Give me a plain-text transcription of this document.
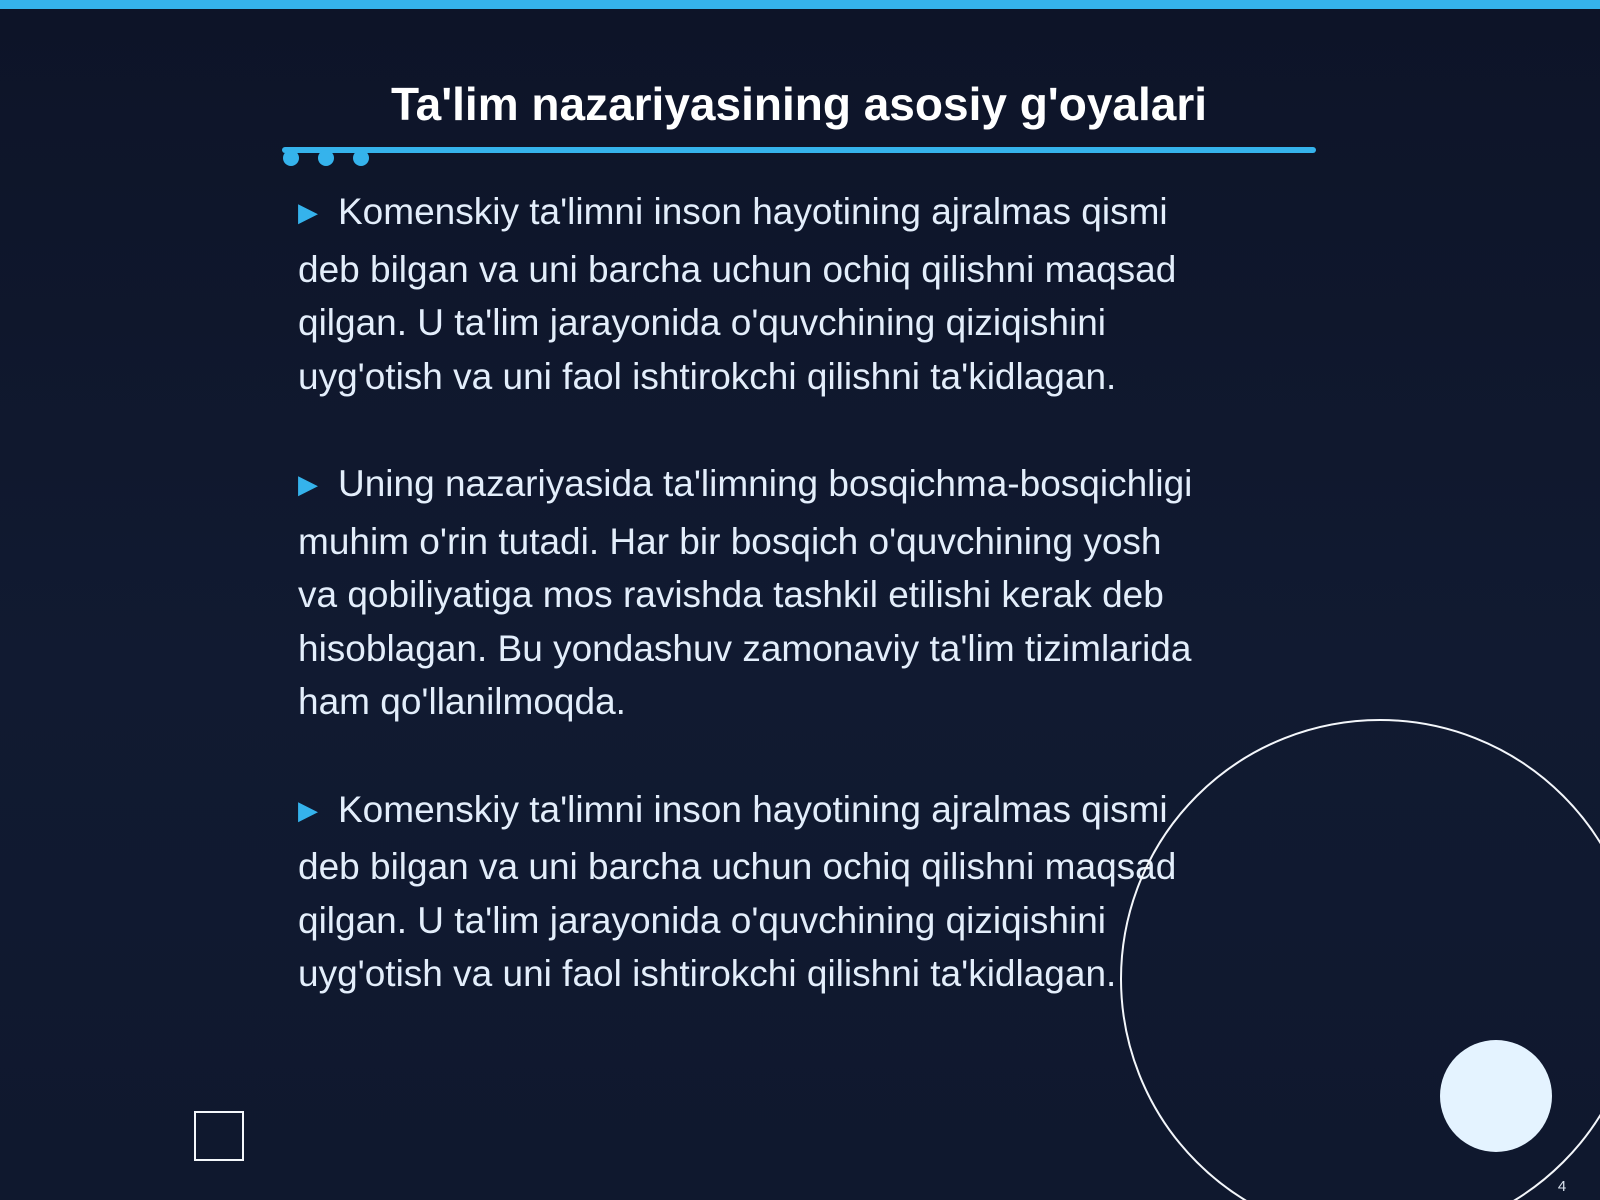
Ta'lim nazariyasining asosiy g'oyalari
▶ Komenskiy ta'limni inson hayotining ajralmas qismi
deb bilgan va uni barcha uchun ochiq qilishni maqsad
qilgan. U ta'lim jarayonida o'quvchining qiziqishini
uyg'otish va uni faol ishtirokchi qilishni ta'kidlagan.
▶ Uning nazariyasida ta'limning bosqichma-bosqichligi
muhim o'rin tutadi. Har bir bosqich o'quvchining yosh
va qobiliyatiga mos ravishda tashkil etilishi kerak deb
hisoblagan. Bu yondashuv zamonaviy ta'lim tizimlarida
ham qo'llanilmoqda.
▶ Komenskiy ta'limni inson hayotining ajralmas qismi
deb bilgan va uni barcha uchun ochiq qilishni maqsad
qilgan. U ta'lim jarayonida o'quvchining qiziqishini
uyg'otish va uni faol ishtirokchi qilishni ta'kidlagan.
4
